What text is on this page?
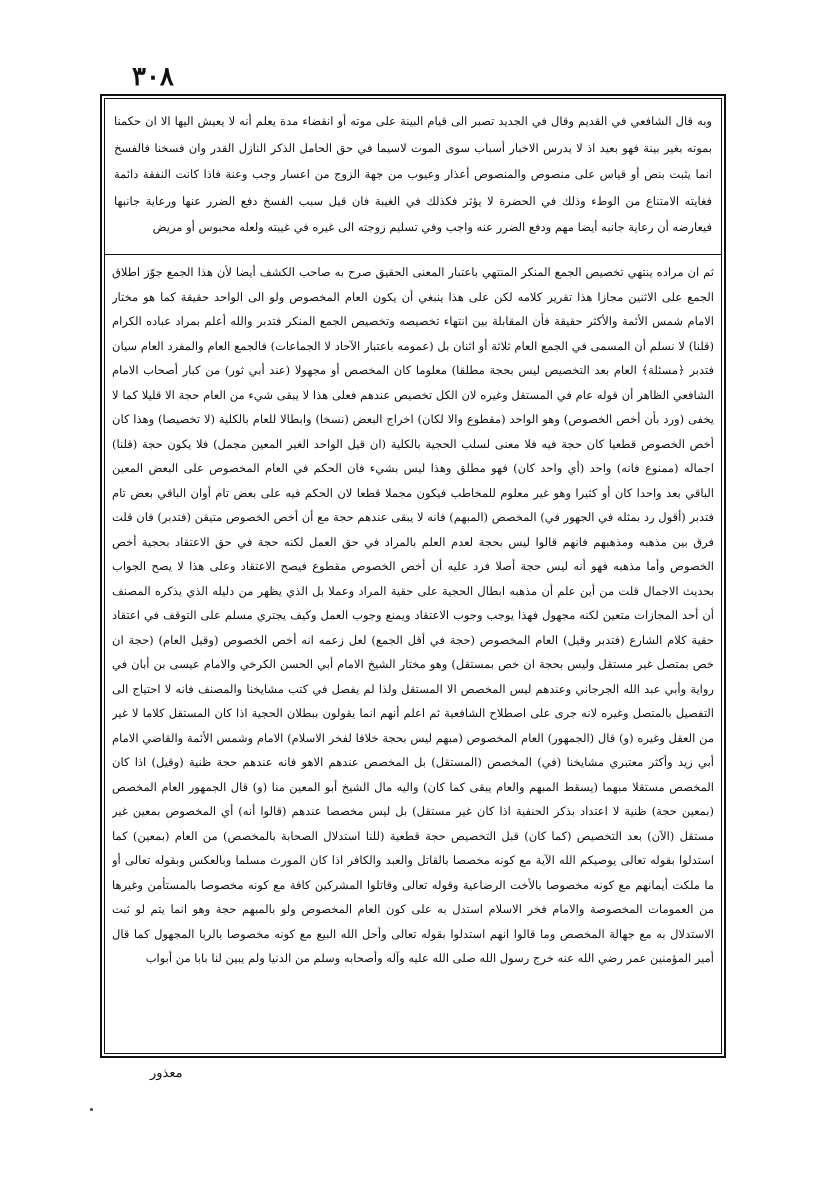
٣٠٨
وبه قال الشافعي في القديم وقال في الجديد تصبر الى قيام البينة على موته أو انقضاء مدة يعلم أنه لا يعيش اليها الا ان حكمنا بموته بغير بينة فهو بعيد اذ لا يدرس الاخبار أسباب سوى الموت لاسيما في حق الحامل الذكر النازل القدر وان فسخنا فالفسخ انما يثبت بنص أو قياس على منصوص والمنصوص أعذار وعيوب من جهة الزوج من اعسار وجب وعنة فاذا كانت النفقة دائمة فغايته الامتناع من الوطء وذلك في الحضرة لا يؤثر فكذلك في الغيبة فان قيل سبب الفسخ دفع الضرر عنها ورعاية جانبها فيعارضه أن رعاية جانبه أيضا مهم ودفع الضرر عنه واجب وفي تسليم زوجته الى غيره في غيبته ولعله محبوس أو مريض
ثم ان مراده ينتهي تخصيص الجمع المنكر المنتهي باعتبار المعنى الحقيق صرح به صاحب الكشف أيضا لأن هذا الجمع جوّز اطلاق الجمع على الاثنين مجازا هذا تقرير كلامه لكن على هذا ينبغي أن يكون العام المخصوص ولو الى الواحد حقيقة كما هو مختار الامام شمس الأئمة والأكثر حقيقة فأن المقابلة بين انتهاء تخصيصه وتخصيص الجمع المنكر فتدبر والله أعلم بمراد عباده الكرام (قلنا) لا نسلم أن المسمى في الجمع العام ثلاثة أو اثنان بل (عمومه باعتبار الآحاد لا الجماعات) فالجمع العام والمفرد العام سيان فتدبر ﴿مسئلة﴾ العام بعد التخصيص ليس بحجة مطلقا) معلوما كان المخصص أو مجهولا (عند أبي ثور) من كبار أصحاب الامام الشافعي الظاهر أن قوله عام في المستقل وغيره لان الكل تخصيص عندهم فعلى هذا لا يبقى شيء من العام حجة الا قليلا كما لا يخفى (ورد بأن أخص الخصوص) وهو الواحد (مقطوع والا لكان) اخراج البعض (نسخا) وابطالا للعام بالكلية (لا تخصيصا) وهذا كان أخص الخصوص قطعيا كان حجة فيه فلا معنى لسلب الحجية بالكلية (ان قيل الواحد الغير المعين مجمل) فلا يكون حجة (قلنا) اجماله (ممنوع فانه) واحد (أي واحد كان) فهو مطلق وهذا ليس بشيء فان الحكم في العام المخصوص على البعض المعين الباقي بعد واحدا كان أو كثيرا وهو غير معلوم للمخاطب فيكون مجملا قطعا لان الحكم فيه على بعض تام أوان الباقي بعض تام فتدبر (أقول رد بمثله في الجهور في) المخصص (المبهم) فانه لا يبقى عندهم حجة مع أن أخص الخصوص متيقن (فتدبر) فان قلت فرق بين مذهبه ومذهبهم فانهم قالوا ليس بحجة لعدم العلم بالمراد في حق العمل لكنه حجة في حق الاعتقاد بحجية أخص الخصوص وأما مذهبه فهو أنه ليس حجة أصلا فرد عليه أن أخص الخصوص مقطوع فيصح الاعتقاد وعلى هذا لا يصح الجواب بحديث الاجمال قلت من أين علم أن مذهبه ابطال الحجية على حقية المراد وعملا بل الذي يظهر من دليله الذي يذكره المصنف أن أحد المجازات متعين لكنه مجهول فهذا يوجب وجوب الاعتقاد ويمنع وجوب العمل وكيف يجتري مسلم على التوقف في اعتقاد حقية كلام الشارع (فتدبر وقيل) العام المخصوص (حجة في أقل الجمع) لعل زعمه انه أخص الخصوص (وقيل العام) (حجة ان خص بمتصل غير مستقل وليس بحجة ان خص بمستقل) وهو مختار الشيخ الامام أبي الحسن الكرخي والامام عيسى بن أبان في رواية وأبي عبد الله الجرجاني وعندهم ليس المخصص الا المستقل ولذا لم يفصل في كتب مشايخنا والمصنف فانه لا احتياج الى التفصيل بالمتصل وغيره لانه جرى على اصطلاح الشافعية ثم اعلم أنهم انما يقولون ببطلان الحجية اذا كان المستقل كلاما لا غير من العقل وغيره (و) قال (الجمهور) العام المخصوص (مبهم ليس بحجة خلافا لفخر الاسلام) الامام وشمس الأئمة والقاضي الامام أبي زيد وأكثر معتبري مشايخنا (في) المخصص (المستقل) بل المخصص عندهم الاهو فانه عندهم حجة ظنية (وقيل) اذا كان المخصص مستقلا مبهما (يسقط المبهم والعام يبقى كما كان) واليه مال الشيخ أبو المعين منا (و) قال الجمهور العام المخصص (بمعين حجة) ظنية لا اعتداد بذكر الحنفية اذا كان غير مستقل) بل ليس مخصصا عندهم (قالوا أنه) أي المخصوص بمعين غير مستقل (الآن) بعد التخصيص (كما كان) قبل التخصيص حجة قطعية (للنا استدلال الصحابة بالمخصص) من العام (بمعين) كما استدلوا بقوله تعالى يوصيكم الله الآية مع كونه مخصصا بالقاتل والعبد والكافر اذا كان المورث مسلما وبالعكس وبقوله تعالى أو ما ملكت أيمانهم مع كونه مخصوصا بالأخت الرضاعية وقوله تعالى وقاتلوا المشركين كافة مع كونه مخصوصا بالمستأمن وغيرها من العمومات المخصوصة والامام فخر الاسلام استدل به على كون العام المخصوص ولو بالمبهم حجة وهو انما يتم لو ثبت الاستدلال به مع جهالة المخصص وما قالوا انهم استدلوا بقوله تعالى وأحل الله البيع مع كونه مخصوصا بالربا المجهول كما قال أمير المؤمنين عمر رضي الله عنه خرج رسول الله صلى الله عليه وآله وأصحابه وسلم من الدنيا ولم يبين لنا بابا من أبواب
معذور
